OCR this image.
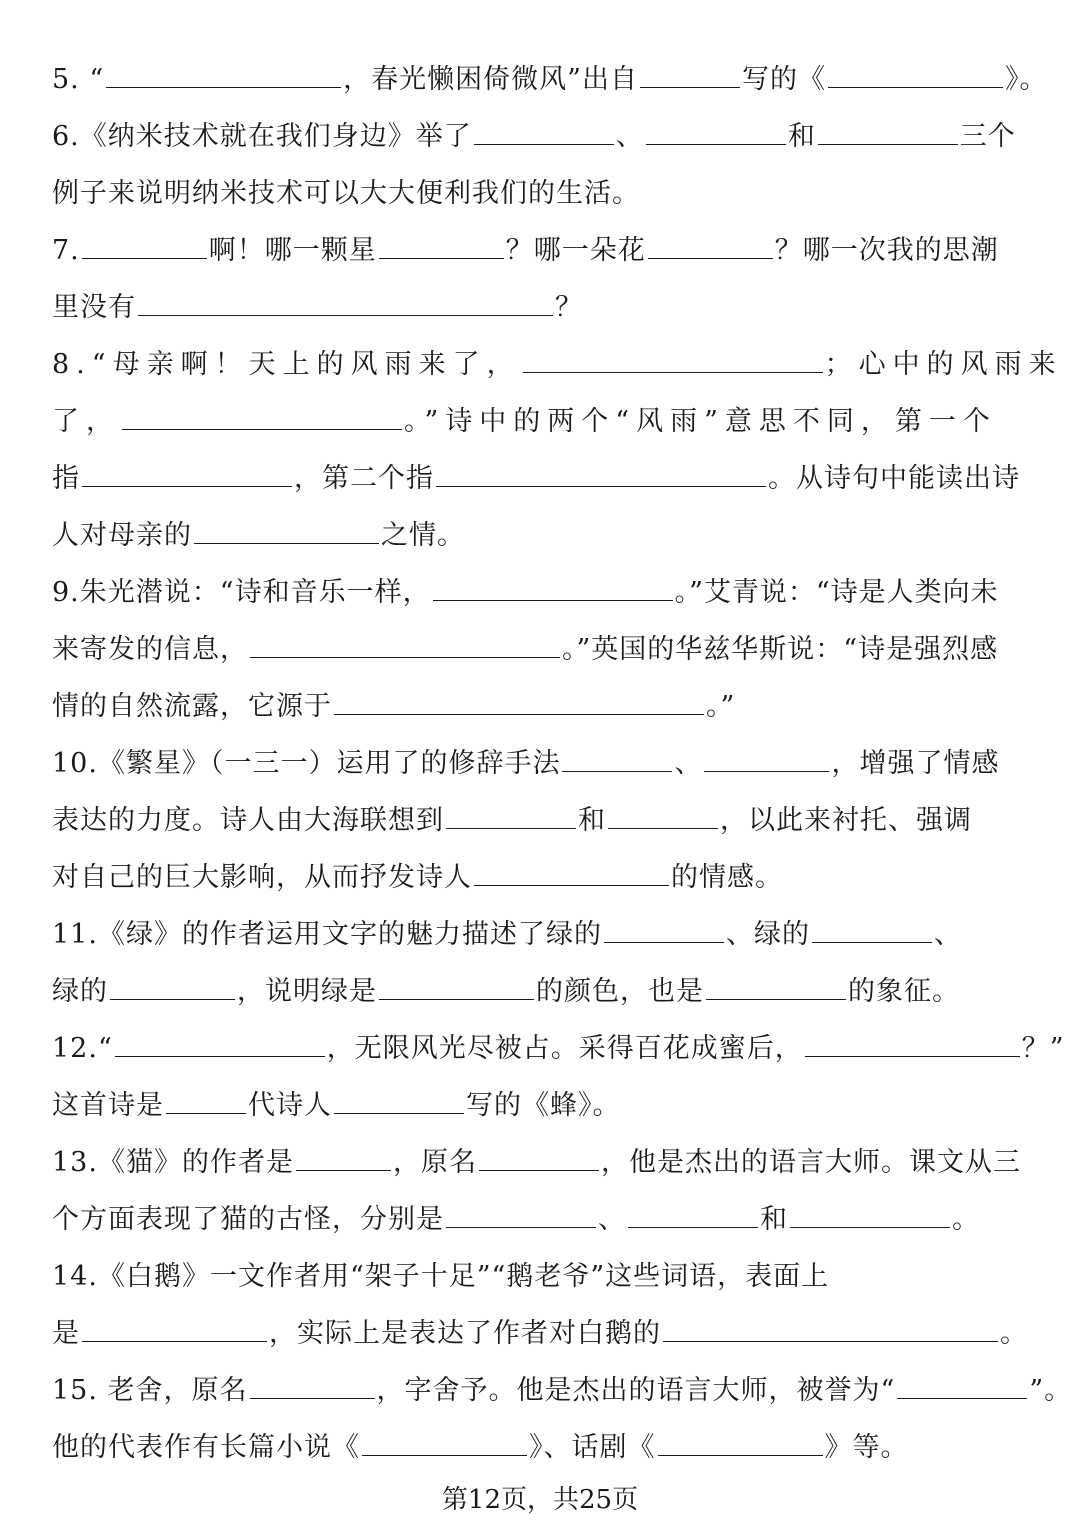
5. “	，春光懒困倚微风”出自	写的《	》。
6.《纳米技术就在我们身边》举了	、	和	三个
例子来说明纳米技术可以大大便利我们的生活。
7.	啊！哪一颗星	？哪一朵花	？哪一次我的思潮
里没有	？
8.“母亲啊！天上的风雨来了，	；心中的风雨来
了，	。”诗中的两个“风雨”意思不同，第一个
指	，第二个指	。从诗句中能读出诗
人对母亲的	之情。
9.朱光潜说：“诗和音乐一样，	。”艾青说：“诗是人类向未
来寄发的信息，	。”英国的华兹华斯说：“诗是强烈感
情的自然流露，它源于	。”
10.《繁星》（一三一）运用了的修辞手法	、	，增强了情感
表达的力度。诗人由大海联想到	和	，以此来衬托、强调
对自己的巨大影响，从而抒发诗人	的情感。
11.《绿》的作者运用文字的魅力描述了绿的	、绿的	、
绿的	，说明绿是	的颜色，也是	的象征。
12.“	，无限风光尽被占。采得百花成蜜后，	？”
这首诗是	代诗人	写的《蜂》。
13.《猫》的作者是	，原名	，他是杰出的语言大师。课文从三
个方面表现了猫的古怪，分别是	、	和	。
14.《白鹅》一文作者用“架子十足”“鹅老爷”这些词语，表面上
是	，实际上是表达了作者对白鹅的	。
15. 老舍，原名	，字舍予。他是杰出的语言大师，被誉为“	”。
他的代表作有长篇小说《	》、话剧《	》等。
第12页，共25页
